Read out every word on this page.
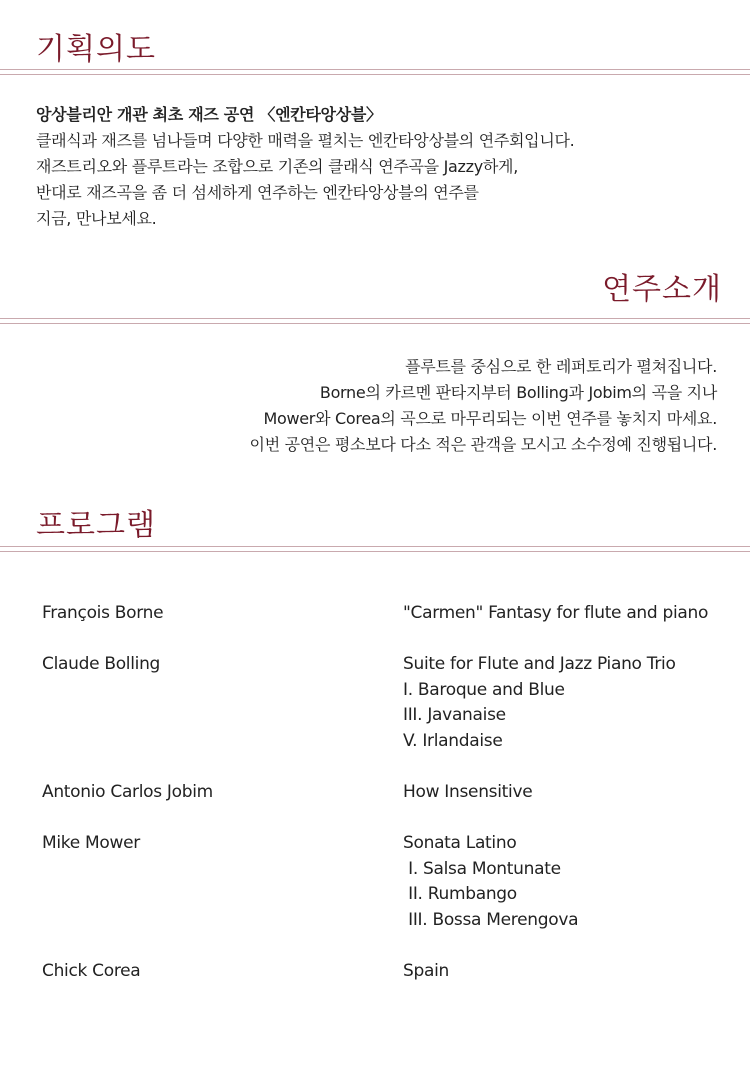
기획의도
앙상블리안 개관 최초 재즈 공연 〈엔칸타앙상블〉
클래식과 재즈를 넘나들며 다양한 매력을 펼치는 엔칸타앙상블의 연주회입니다.
재즈트리오와 플루트라는 조합으로 기존의 클래식 연주곡을 Jazzy하게,
반대로 재즈곡을 좀 더 섬세하게 연주하는 엔칸타앙상블의 연주를
지금, 만나보세요.
연주소개
플루트를 중심으로 한 레퍼토리가 펼쳐집니다.
Borne의 카르멘 판타지부터 Bolling과 Jobim의 곡을 지나
Mower와 Corea의 곡으로 마무리되는 이번 연주를 놓치지 마세요.
이번 공연은 평소보다 다소 적은 관객을 모시고 소수정예 진행됩니다.
프로그램
François Borne	"Carmen" Fantasy for flute and piano
Claude Bolling	Suite for Flute and Jazz Piano Trio
I. Baroque and Blue
III. Javanaise
V. Irlandaise
Antonio Carlos Jobim	How Insensitive
Mike Mower	Sonata Latino
I. Salsa Montunate
II. Rumbango
III. Bossa Merengova
Chick Corea	Spain
